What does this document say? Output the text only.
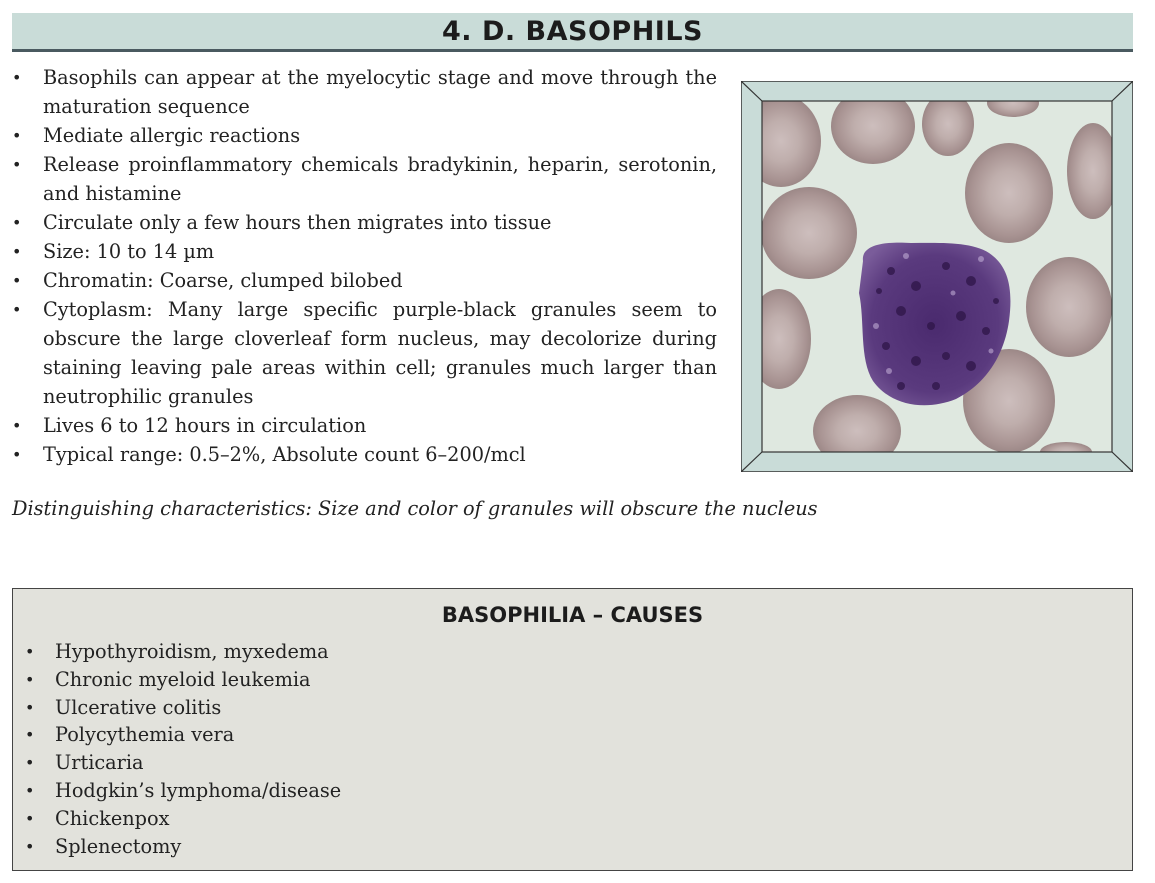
4. D. BASOPHILS
• Basophils can appear at the myelocytic stage and move through the maturation sequence
• Mediate allergic reactions
• Release proinflammatory chemicals bradykinin, heparin, serotonin, and histamine
• Circulate only a few hours then migrates into tissue
• Size: 10 to 14 µm
• Chromatin: Coarse, clumped bilobed
• Cytoplasm: Many large specific purple-black granules seem to obscure the large cloverleaf form nucleus, may decolorize during staining leaving pale areas within cell; granules much larger than neutrophilic granules
• Lives 6 to 12 hours in circulation
• Typical range: 0.5–2%, Absolute count 6–200/mcl

Distinguishing characteristics: Size and color of granules will obscure the nucleus

BASOPHILIA – CAUSES
• Hypothyroidism, myxedema
• Chronic myeloid leukemia
• Ulcerative colitis
• Polycythemia vera
• Urticaria
• Hodgkin’s lymphoma/disease
• Chickenpox
• Splenectomy
